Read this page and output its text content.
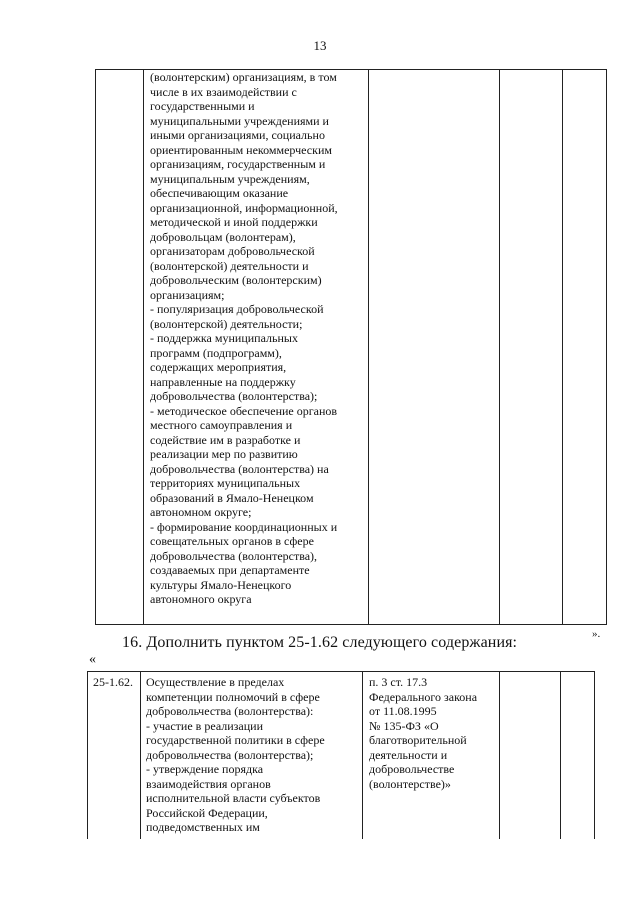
13
(волонтерским) организациям, в том
числе в их взаимодействии с
государственными и
муниципальными учреждениями и
иными организациями, социально
ориентированным некоммерческим
организациям, государственным и
муниципальным учреждениям,
обеспечивающим оказание
организационной, информационной,
методической и иной поддержки
добровольцам (волонтерам),
организаторам добровольческой
(волонтерской) деятельности и
добровольческим (волонтерским)
организациям;
- популяризация добровольческой
(волонтерской) деятельности;
- поддержка муниципальных
программ (подпрограмм),
содержащих мероприятия,
направленные на поддержку
добровольчества (волонтерства);
- методическое обеспечение органов
местного самоуправления и
содействие им в разработке и
реализации мер по развитию
добровольчества (волонтерства) на
территориях муниципальных
образований в Ямало-Ненецком
автономном округе;
- формирование координационных и
совещательных органов в сфере
добровольчества (волонтерства),
создаваемых при департаменте
культуры Ямало-Ненецкого
автономного округа
».
16. Дополнить пунктом 25-1.62 следующего содержания:
«
25-1.62.	Осуществление в пределах
компетенции полномочий в сфере
добровольчества (волонтерства):
- участие в реализации
государственной политики в сфере
добровольчества (волонтерства);
- утверждение порядка
взаимодействия органов
исполнительной власти субъектов
Российской Федерации,
подведомственных им
п. 3 ст. 17.3
Федерального закона
от 11.08.1995
№ 135-ФЗ «О
благотворительной
деятельности и
добровольчестве
(волонтерстве)»
